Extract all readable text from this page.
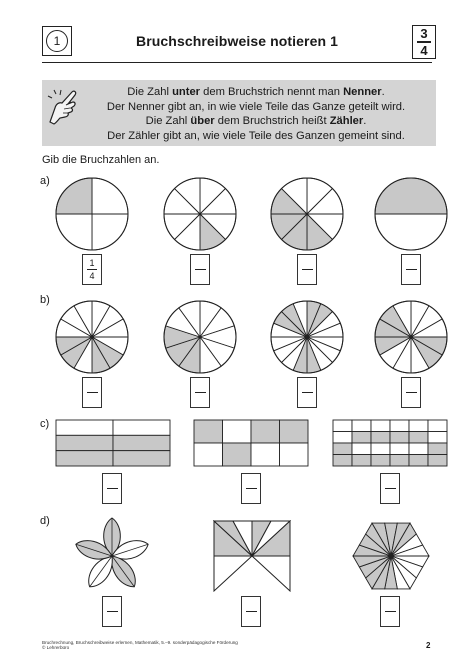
1	Bruchschreibweise notieren 1	3
4
Die Zahl unter dem Bruchstrich nennt man Nenner.
Der Nenner gibt an, in wie viele Teile das Ganze geteilt wird.
Die Zahl über dem Bruchstrich heißt Zähler.
Der Zähler gibt an, wie viele Teile des Ganzen gemeint sind.
Gib die Bruchzahlen an.
a)
b)
c)
d)
1
4
Bruchrechnung, Bruchschreibweise erlernen, Mathematik, 5.–9. sonderpädagogische Förderung
© Lehrerbüro	2
